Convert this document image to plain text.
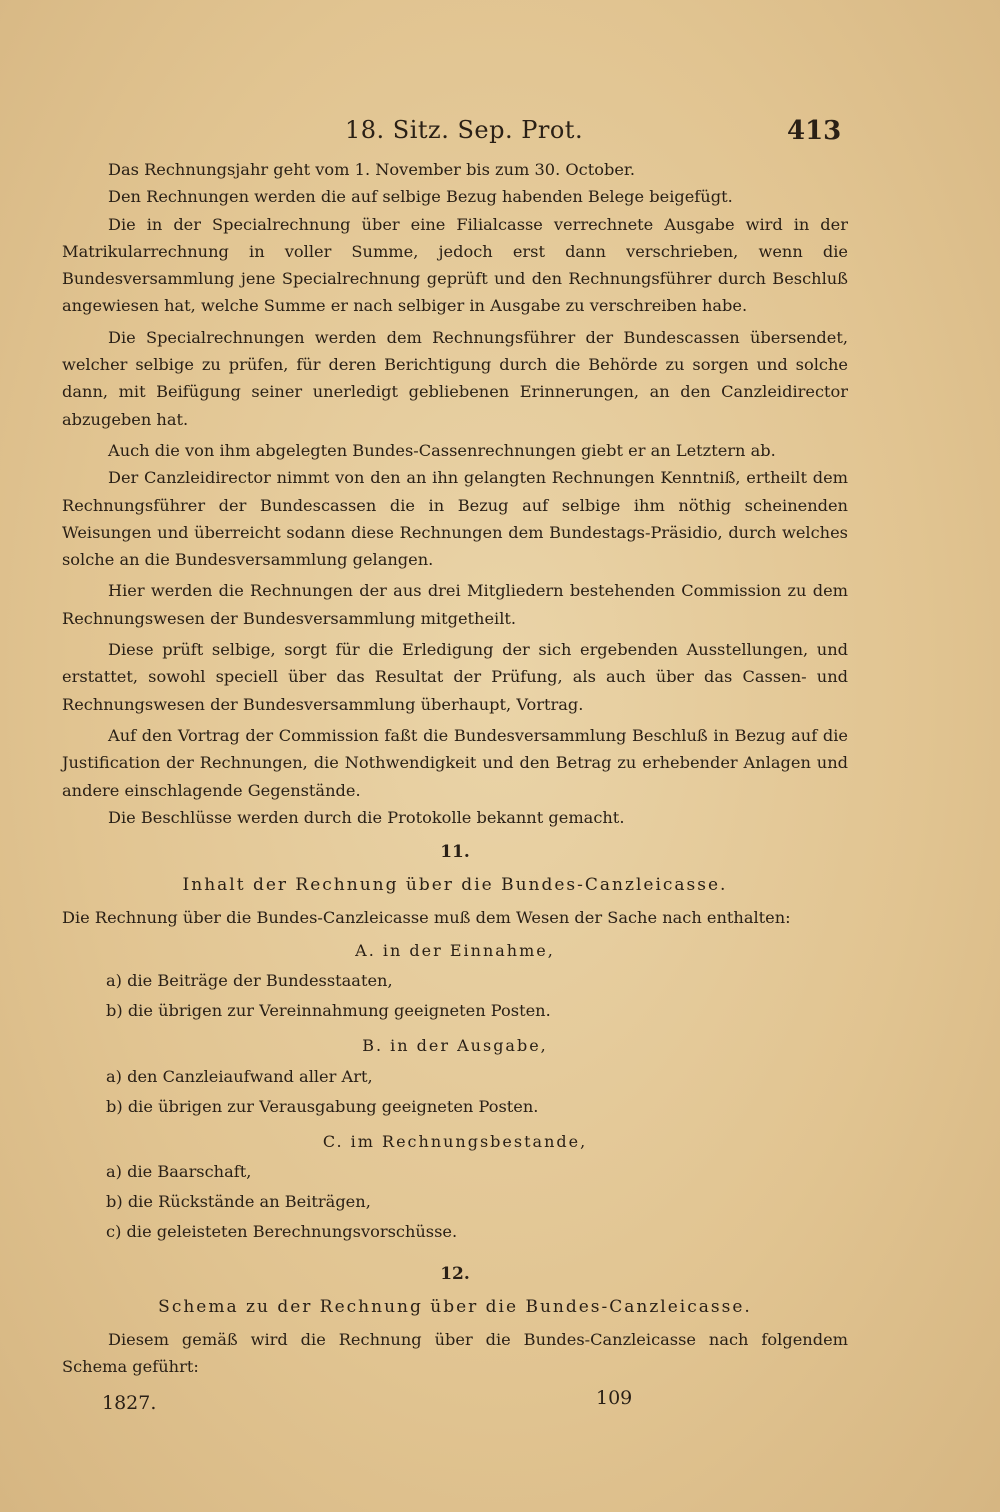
18. Sitz. Sep. Prot.	413

Das Rechnungsjahr geht vom 1. November bis zum 30. October.

Den Rechnungen werden die auf selbige Bezug habenden Belege beigefügt.

Die in der Specialrechnung über eine Filialcasse verrechnete Ausgabe wird in der Matrikularrechnung in voller Summe, jedoch erst dann verschrieben, wenn die Bundesversammlung jene Specialrechnung geprüft und den Rechnungsführer durch Beschluß angewiesen hat, welche Summe er nach selbiger in Ausgabe zu verschreiben habe.

Die Specialrechnungen werden dem Rechnungsführer der Bundescassen übersendet, welcher selbige zu prüfen, für deren Berichtigung durch die Behörde zu sorgen und solche dann, mit Beifügung seiner unerledigt gebliebenen Erinnerungen, an den Canzleidirector abzugeben hat.

Auch die von ihm abgelegten Bundes-Cassenrechnungen giebt er an Letztern ab.

Der Canzleidirector nimmt von den an ihn gelangten Rechnungen Kenntniß, ertheilt dem Rechnungsführer der Bundescassen die in Bezug auf selbige ihm nöthig scheinenden Weisungen und überreicht sodann diese Rechnungen dem Bundestags-Präsidio, durch welches solche an die Bundesversammlung gelangen.

Hier werden die Rechnungen der aus drei Mitgliedern bestehenden Commission zu dem Rechnungswesen der Bundesversammlung mitgetheilt.

Diese prüft selbige, sorgt für die Erledigung der sich ergebenden Ausstellungen, und erstattet, sowohl speciell über das Resultat der Prüfung, als auch über das Cassen- und Rechnungswesen der Bundesversammlung überhaupt, Vortrag.

Auf den Vortrag der Commission faßt die Bundesversammlung Beschluß in Bezug auf die Justification der Rechnungen, die Nothwendigkeit und den Betrag zu erhebender Anlagen und andere einschlagende Gegenstände.

Die Beschlüsse werden durch die Protokolle bekannt gemacht.

11.

Inhalt der Rechnung über die Bundes-Canzleicasse.

Die Rechnung über die Bundes-Canzleicasse muß dem Wesen der Sache nach enthalten:

A. in der Einnahme,

a) die Beiträge der Bundesstaaten,

b) die übrigen zur Vereinnahmung geeigneten Posten.

B. in der Ausgabe,

a) den Canzleiaufwand aller Art,

b) die übrigen zur Verausgabung geeigneten Posten.

C. im Rechnungsbestande,

a) die Baarschaft,

b) die Rückstände an Beiträgen,

c) die geleisteten Berechnungsvorschüsse.

12.

Schema zu der Rechnung über die Bundes-Canzleicasse.

Diesem gemäß wird die Rechnung über die Bundes-Canzleicasse nach folgendem Schema geführt:

1827.	109
